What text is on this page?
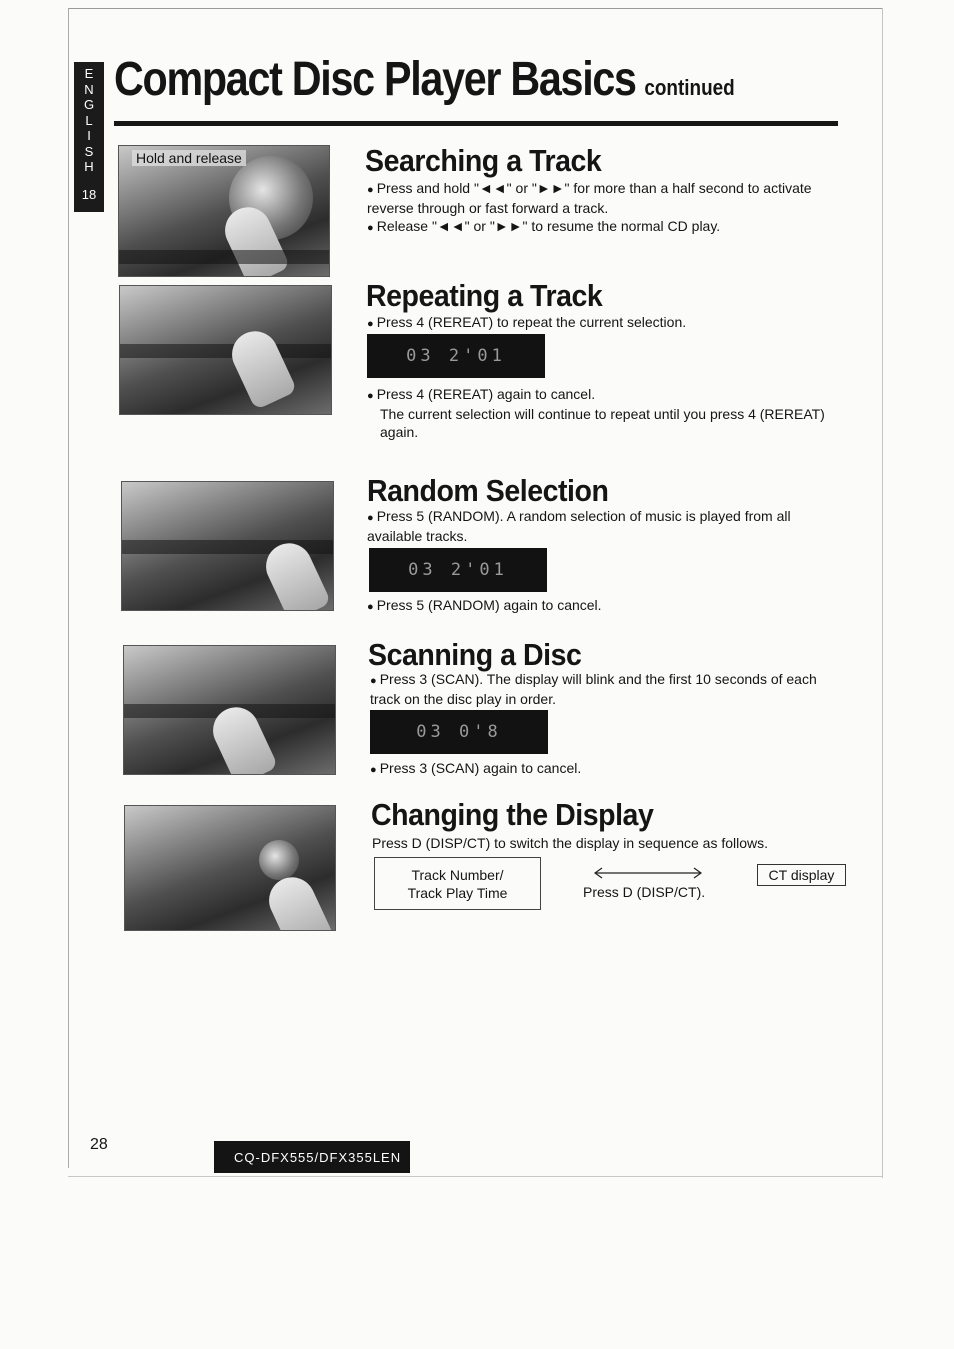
E
N
G
L
I
S
H
18
Compact Disc Player Basics continued
Hold and release	Searching a Track
● Press and hold "◄◄" or "►►" for more than a half second to activate reverse through or fast forward a track.
● Release "◄◄" or "►►" to resume the normal CD play.
Repeating a Track
● Press 4 (REREAT) to repeat the current selection.
03 2'01
● Press 4 (REREAT) again to cancel.
The current selection will continue to repeat until you press 4 (REREAT) again.
Random Selection
● Press 5 (RANDOM). A random selection of music is played from all available tracks.
03 2'01
● Press 5 (RANDOM) again to cancel.
Scanning a Disc
● Press 3 (SCAN). The display will blink and the first 10 seconds of each track on the disc play in order.
03 0'8
● Press 3 (SCAN) again to cancel.
Changing the Display
Press D (DISP/CT) to switch the display in sequence as follows.
Track Number/
Track Play Time	Press D (DISP/CT).
CT display
28
CQ-DFX555/DFX355LEN
